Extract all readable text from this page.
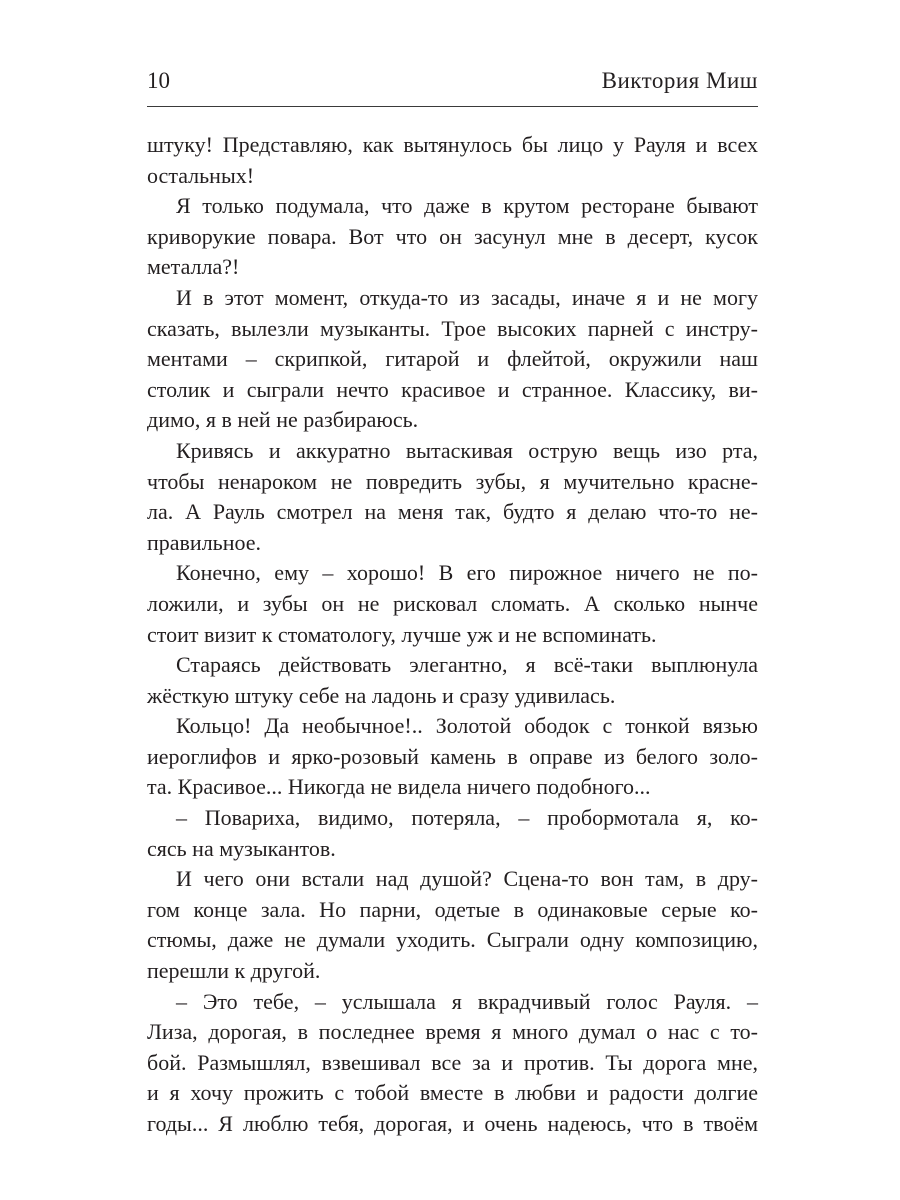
10	Виктория Миш
штуку! Представляю, как вытянулось бы лицо у Рауля и всех
остальных!
Я только подумала, что даже в крутом ресторане бывают
криворукие повара. Вот что он засунул мне в десерт, кусок
металла?!
И в этот момент, откуда-то из засады, иначе я и не могу
сказать, вылезли музыканты. Трое высоких парней с инстру-
ментами – скрипкой, гитарой и флейтой, окружили наш
столик и сыграли нечто красивое и странное. Классику, ви-
димо, я в ней не разбираюсь.
Кривясь и аккуратно вытаскивая острую вещь изо рта,
чтобы ненароком не повредить зубы, я мучительно красне-
ла. А Рауль смотрел на меня так, будто я делаю что-то не-
правильное.
Конечно, ему – хорошо! В его пирожное ничего не по-
ложили, и зубы он не рисковал сломать. А сколько нынче
стоит визит к стоматологу, лучше уж и не вспоминать.
Стараясь действовать элегантно, я всё-таки выплюнула
жёсткую штуку себе на ладонь и сразу удивилась.
Кольцо! Да необычное!.. Золотой ободок с тонкой вязью
иероглифов и ярко-розовый камень в оправе из белого золо-
та. Красивое... Никогда не видела ничего подобного...
– Повариха, видимо, потеряла, – пробормотала я, ко-
сясь на музыкантов.
И чего они встали над душой? Сцена-то вон там, в дру-
гом конце зала. Но парни, одетые в одинаковые серые ко-
стюмы, даже не думали уходить. Сыграли одну композицию,
перешли к другой.
– Это тебе, – услышала я вкрадчивый голос Рауля. –
Лиза, дорогая, в последнее время я много думал о нас с то-
бой. Размышлял, взвешивал все за и против. Ты дорога мне,
и я хочу прожить с тобой вместе в любви и радости долгие
годы... Я люблю тебя, дорогая, и очень надеюсь, что в твоём
